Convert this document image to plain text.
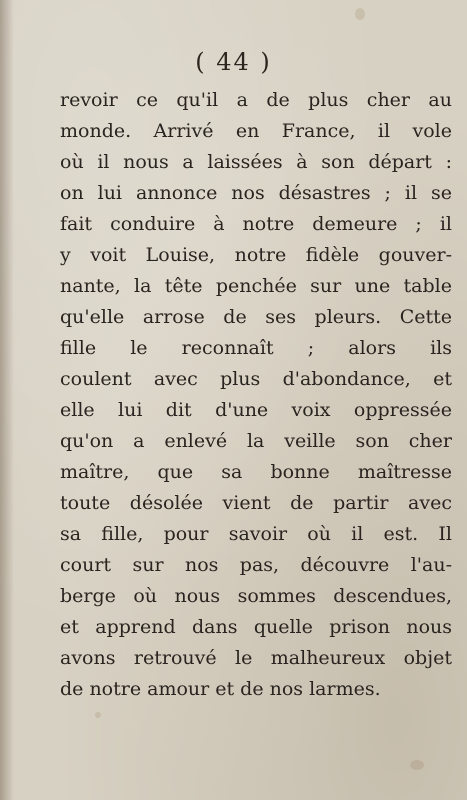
( 44 )
revoir ce qu'il a de plus cher au
monde. Arrivé en France, il vole
où il nous a laissées à son départ :
on lui annonce nos désastres ; il se
fait conduire à notre demeure ; il
y voit Louise, notre fidèle gouver-
nante, la tête penchée sur une table
qu'elle arrose de ses pleurs. Cette
fille le reconnaît ; alors ils
coulent avec plus d'abondance, et
elle lui dit d'une voix oppressée
qu'on a enlevé la veille son cher
maître, que sa bonne maîtresse
toute désolée vient de partir avec
sa fille, pour savoir où il est. Il
court sur nos pas, découvre l'au-
berge où nous sommes descendues,
et apprend dans quelle prison nous
avons retrouvé le malheureux objet
de notre amour et de nos larmes.
